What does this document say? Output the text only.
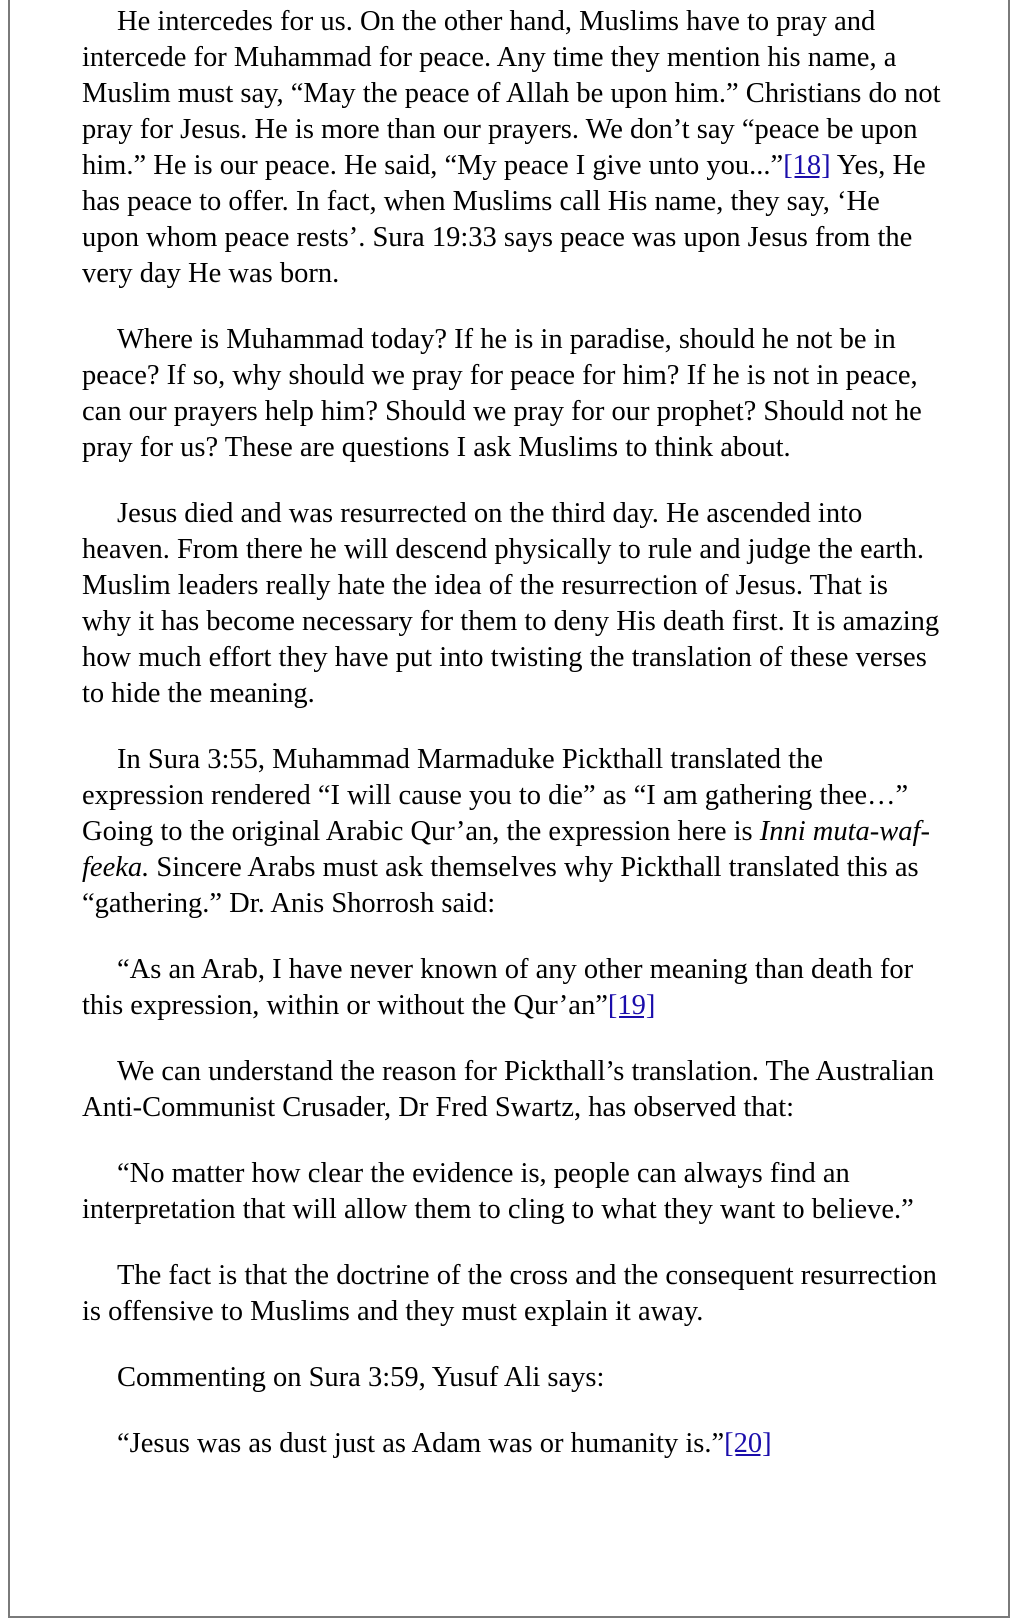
He intercedes for us. On the other hand, Muslims have to pray and intercede for Muhammad for peace. Any time they mention his name, a Muslim must say, “May the peace of Allah be upon him.” Christians do not pray for Jesus. He is more than our prayers. We don’t say “peace be upon him.” He is our peace. He said, “My peace I give unto you...”[18] Yes, He has peace to offer. In fact, when Muslims call His name, they say, ‘He upon whom peace rests’. Sura 19:33 says peace was upon Jesus from the very day He was born.

Where is Muhammad today? If he is in paradise, should he not be in peace? If so, why should we pray for peace for him? If he is not in peace, can our prayers help him? Should we pray for our prophet? Should not he pray for us? These are questions I ask Muslims to think about.

Jesus died and was resurrected on the third day. He ascended into heaven. From there he will descend physically to rule and judge the earth. Muslim leaders really hate the idea of the resurrection of Jesus. That is why it has become necessary for them to deny His death first. It is amazing how much effort they have put into twisting the translation of these verses to hide the meaning.

In Sura 3:55, Muhammad Marmaduke Pickthall translated the expression rendered “I will cause you to die” as “I am gathering thee…” Going to the original Arabic Qur’an, the expression here is Inni muta-waf-feeka. Sincere Arabs must ask themselves why Pickthall translated this as “gathering.” Dr. Anis Shorrosh said:

“As an Arab, I have never known of any other meaning than death for this expression, within or without the Qur’an”[19]

We can understand the reason for Pickthall’s translation. The Australian Anti-Communist Crusader, Dr Fred Swartz, has observed that:

“No matter how clear the evidence is, people can always find an interpretation that will allow them to cling to what they want to believe.”

The fact is that the doctrine of the cross and the consequent resurrection is offensive to Muslims and they must explain it away.

Commenting on Sura 3:59, Yusuf Ali says:

“Jesus was as dust just as Adam was or humanity is.”[20]
